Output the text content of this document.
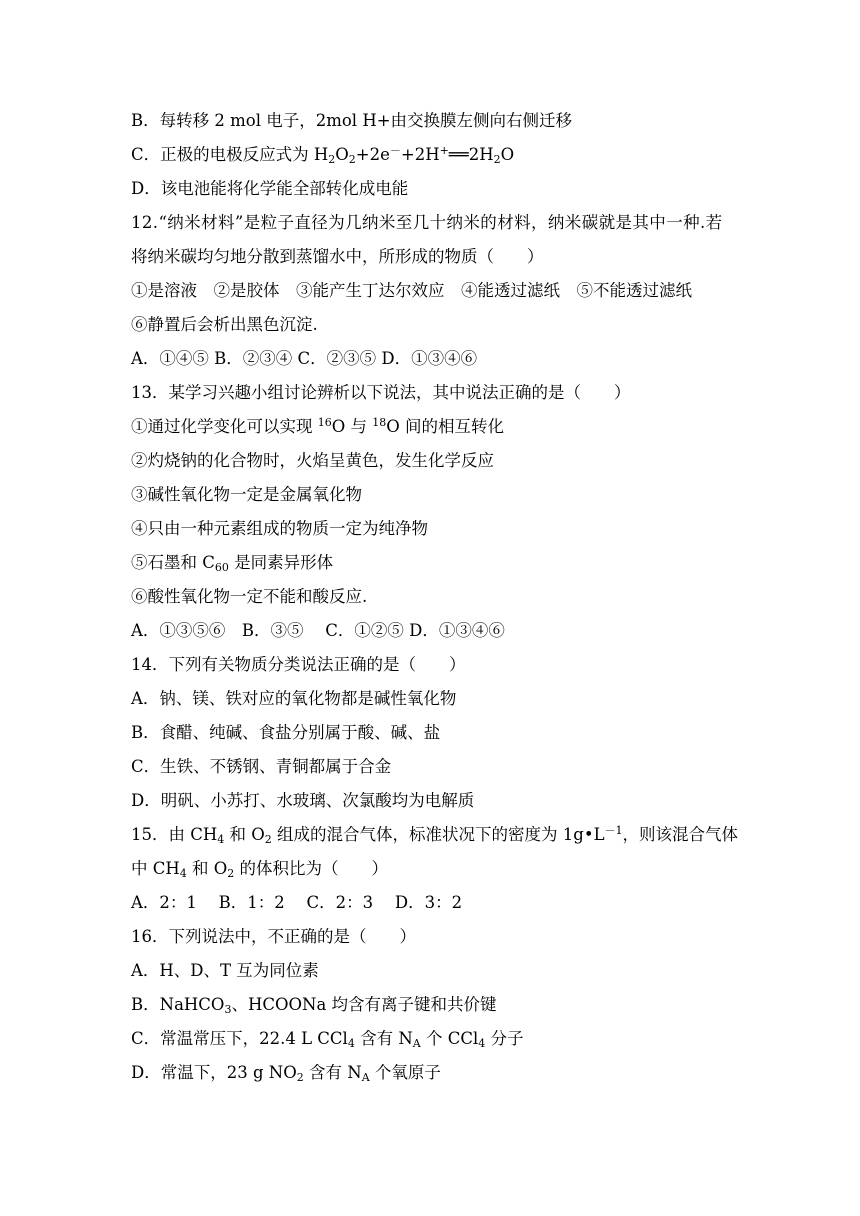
B．每转移 2 mol 电子，2mol H+由交换膜左侧向右侧迁移
C．正极的电极反应式为 $H_2O_2+2e^-+2H^+══2H_2O$
D．该电池能将化学能全部转化成电能
12.“纳米材料”是粒子直径为几纳米至几十纳米的材料，纳米碳就是其中一种.若
将纳米碳均匀地分散到蒸馏水中，所形成的物质（　　）
①是溶液　②是胶体　③能产生丁达尔效应　④能透过滤纸　⑤不能透过滤纸
⑥静置后会析出黑色沉淀.
A．①④⑤ B．②③④ C．②③⑤ D．①③④⑥
13．某学习兴趣小组讨论辨析以下说法，其中说法正确的是（　　）
①通过化学变化可以实现 $^{16}$O 与 $^{18}$O 间的相互转化
②灼烧钠的化合物时，火焰呈黄色，发生化学反应
③碱性氧化物一定是金属氧化物
④只由一种元素组成的物质一定为纯净物
⑤石墨和 $C_{60}$ 是同素异形体
⑥酸性氧化物一定不能和酸反应.
A．①③⑤⑥　B．③⑤　 C．①②⑤ D．①③④⑥
14．下列有关物质分类说法正确的是（　　）
A．钠、镁、铁对应的氧化物都是碱性氧化物
B．食醋、纯碱、食盐分别属于酸、碱、盐
C．生铁、不锈钢、青铜都属于合金
D．明矾、小苏打、水玻璃、次氯酸均为电解质
15．由 $CH_4$ 和 $O_2$ 组成的混合气体，标准状况下的密度为 $1g•L^{-1}$，则该混合气体
中 $CH_4$ 和 $O_2$ 的体积比为（　　）
A．2：1　 B．1：2　 C．2：3　 D．3：2
16．下列说法中，不正确的是（　　）
A．H、D、T 互为同位素
B．NaHCO$_3$、HCOONa 均含有离子键和共价键
C．常温常压下，22.4 L CCl$_4$ 含有 $N_A$ 个 CCl$_4$ 分子
D．常温下，23 g $NO_2$ 含有 $N_A$ 个氧原子
